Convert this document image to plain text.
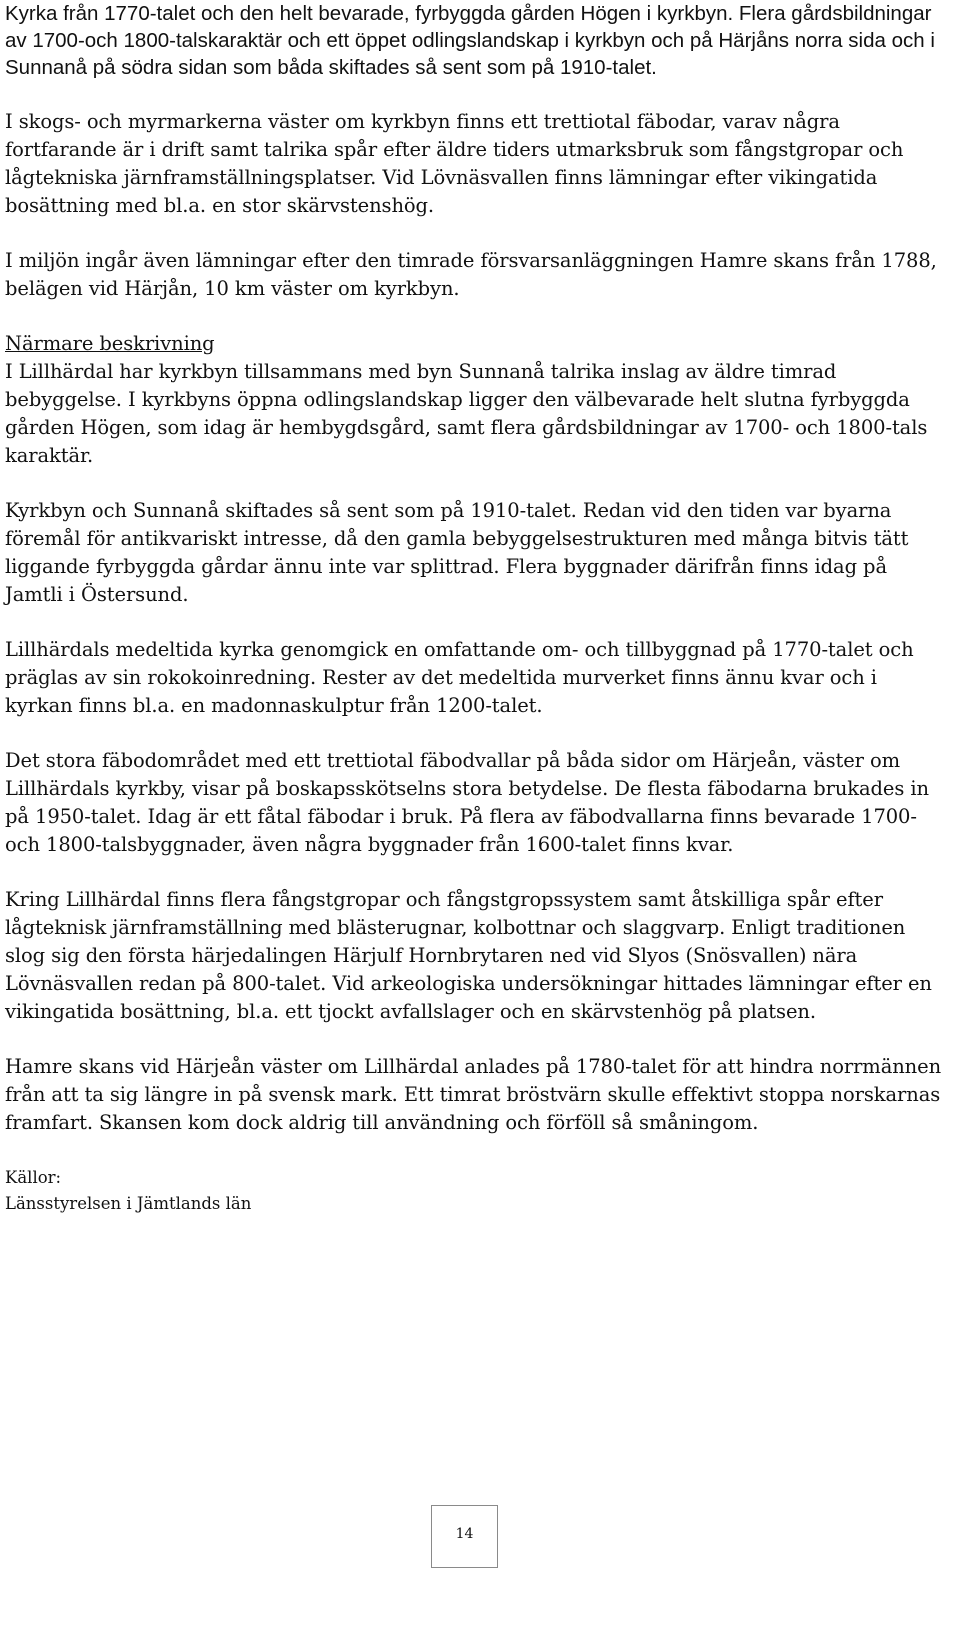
Kyrka från 1770-talet och den helt bevarade, fyrbyggda gården Högen i kyrkbyn. Flera gårdsbildningar av 1700-och 1800-talskaraktär och ett öppet odlingslandskap i kyrkbyn och på Härjåns norra sida och i Sunnanå på södra sidan som båda skiftades så sent som på 1910-talet.

I skogs- och myrmarkerna väster om kyrkbyn finns ett trettiotal fäbodar, varav några fortfarande är i drift samt talrika spår efter äldre tiders utmarksbruk som fångstgropar och lågtekniska järnframställningsplatser. Vid Lövnäsvallen finns lämningar efter vikingatida bosättning med bl.a. en stor skärvstenshög.

I miljön ingår även lämningar efter den timrade försvarsanläggningen Hamre skans från 1788, belägen vid Härjån, 10 km väster om kyrkbyn.

Närmare beskrivning

I Lillhärdal har kyrkbyn tillsammans med byn Sunnanå talrika inslag av äldre timrad bebyggelse. I kyrkbyns öppna odlingslandskap ligger den välbevarade helt slutna fyrbyggda gården Högen, som idag är hembygdsgård, samt flera gårdsbildningar av 1700- och 1800-tals karaktär.

Kyrkbyn och Sunnanå skiftades så sent som på 1910-talet. Redan vid den tiden var byarna föremål för antikvariskt intresse, då den gamla bebyggelsestrukturen med många bitvis tätt liggande fyrbyggda gårdar ännu inte var splittrad. Flera byggnader därifrån finns idag på Jamtli i Östersund.

Lillhärdals medeltida kyrka genomgick en omfattande om- och tillbyggnad på 1770-talet och präglas av sin rokokoinredning. Rester av det medeltida murverket finns ännu kvar och i kyrkan finns bl.a. en madonnaskulptur från 1200-talet.

Det stora fäbodområdet med ett trettiotal fäbodvallar på båda sidor om Härjeån, väster om Lillhärdals kyrkby, visar på boskapsskötselns stora betydelse. De flesta fäbodarna brukades in på 1950-talet. Idag är ett fåtal fäbodar i bruk. På flera av fäbodvallarna finns bevarade 1700- och 1800-talsbyggnader, även några byggnader från 1600-talet finns kvar.

Kring Lillhärdal finns flera fångstgropar och fångstgropssystem samt åtskilliga spår efter lågteknisk järnframställning med blästerugnar, kolbottnar och slaggvarp. Enligt traditionen slog sig den första härjedalingen Härjulf Hornbrytaren ned vid Slyos (Snösvallen) nära Lövnäsvallen redan på 800-talet. Vid arkeologiska undersökningar hittades lämningar efter en vikingatida bosättning, bl.a. ett tjockt avfallslager och en skärvstenhög på platsen.

Hamre skans vid Härjeån väster om Lillhärdal anlades på 1780-talet för att hindra norrmännen från att ta sig längre in på svensk mark. Ett timrat bröstvärn skulle effektivt stoppa norskarnas framfart. Skansen kom dock aldrig till användning och förföll så småningom.

Källor:
Länsstyrelsen i Jämtlands län
14
